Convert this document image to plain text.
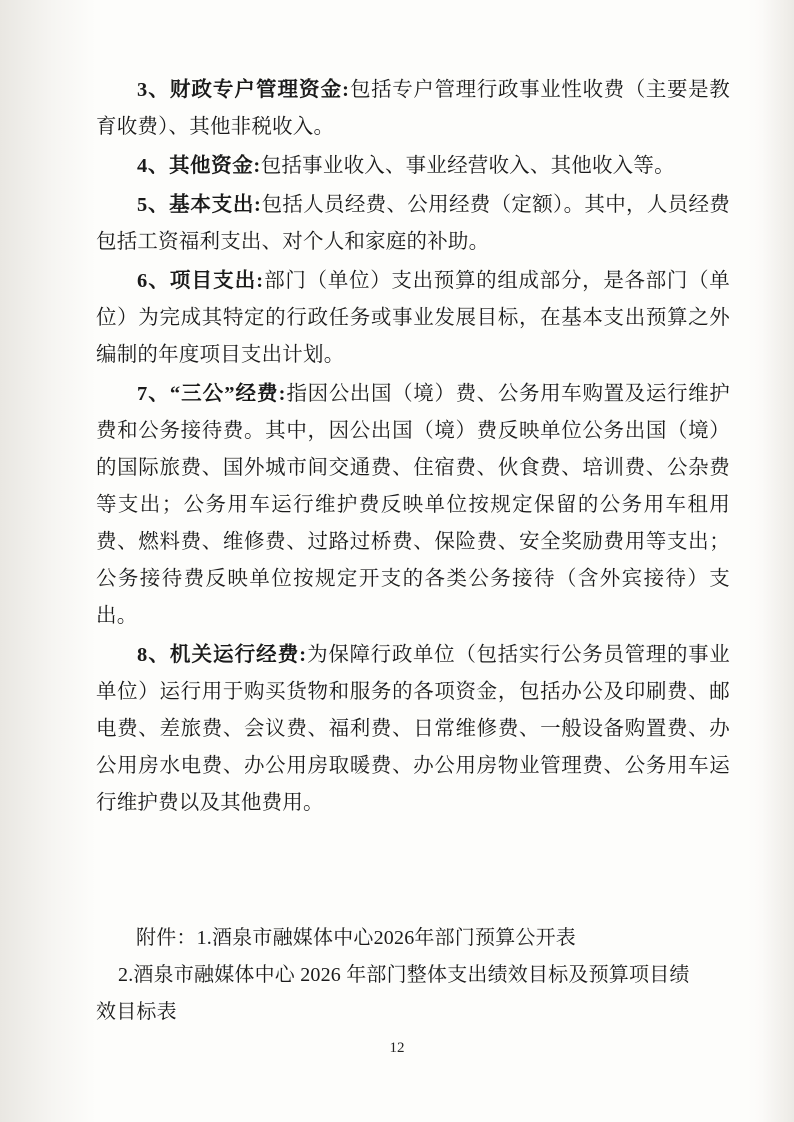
3、财政专户管理资金:包括专户管理行政事业性收费（主要是教育收费）、其他非税收入。

4、其他资金:包括事业收入、事业经营收入、其他收入等。

5、基本支出:包括人员经费、公用经费（定额）。其中，人员经费包括工资福利支出、对个人和家庭的补助。

6、项目支出:部门（单位）支出预算的组成部分，是各部门（单位）为完成其特定的行政任务或事业发展目标，在基本支出预算之外编制的年度项目支出计划。

7、“三公”经费:指因公出国（境）费、公务用车购置及运行维护费和公务接待费。其中，因公出国（境）费反映单位公务出国（境）的国际旅费、国外城市间交通费、住宿费、伙食费、培训费、公杂费等支出；公务用车运行维护费反映单位按规定保留的公务用车租用费、燃料费、维修费、过路过桥费、保险费、安全奖励费用等支出；公务接待费反映单位按规定开支的各类公务接待（含外宾接待）支出。

8、机关运行经费:为保障行政单位（包括实行公务员管理的事业单位）运行用于购买货物和服务的各项资金，包括办公及印刷费、邮电费、差旅费、会议费、福利费、日常维修费、一般设备购置费、办公用房水电费、办公用房取暖费、办公用房物业管理费、公务用车运行维护费以及其他费用。

附件：1.酒泉市融媒体中心2026年部门预算公开表

2.酒泉市融媒体中心 2026 年部门整体支出绩效目标及预算项目绩

效目标表

12
